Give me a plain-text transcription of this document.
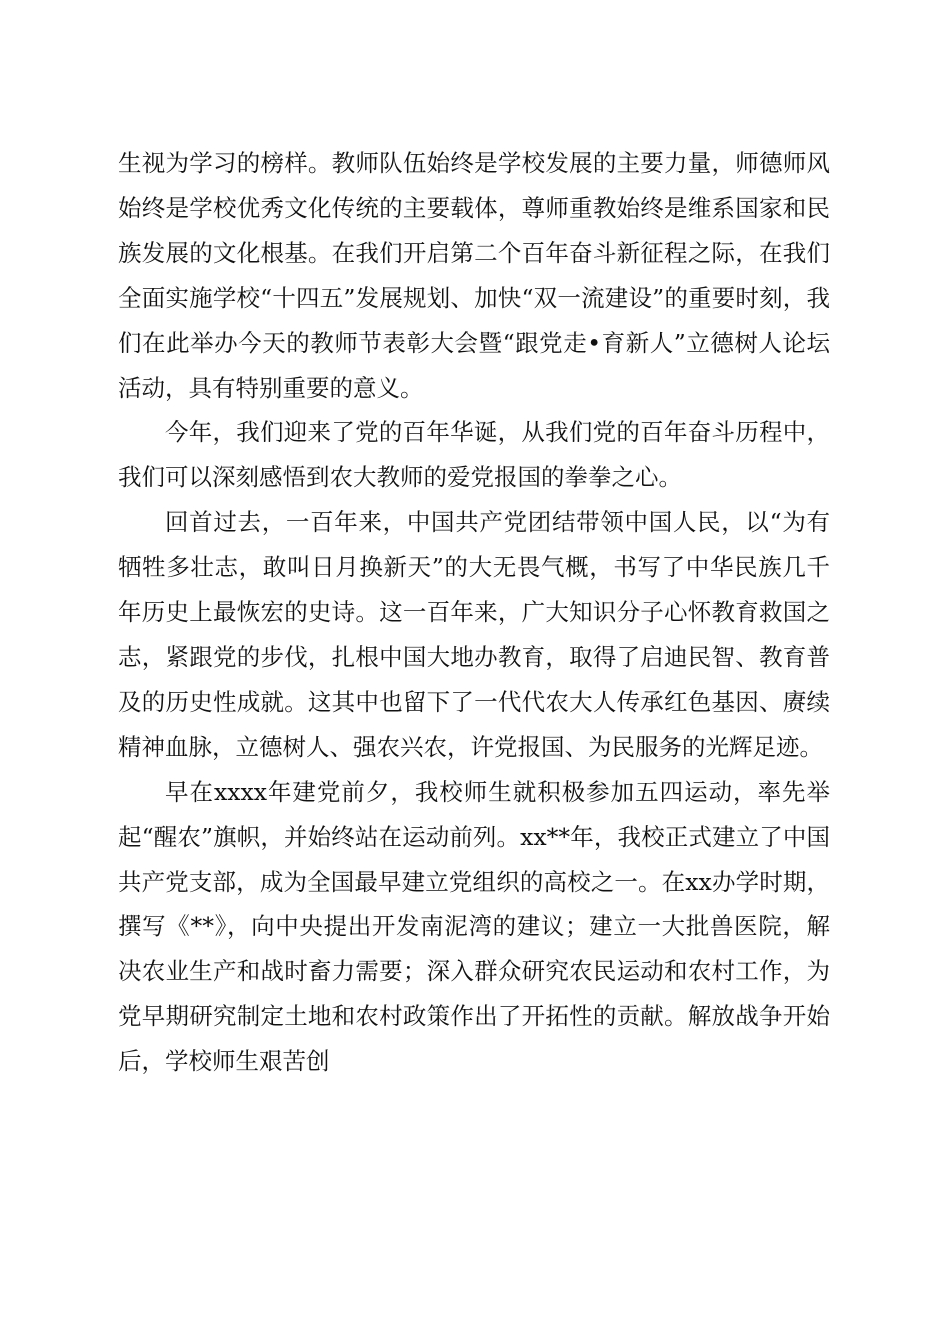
生视为学习的榜样。教师队伍始终是学校发展的主要力量，师德师风始终是学校优秀文化传统的主要载体，尊师重教始终是维系国家和民族发展的文化根基。在我们开启第二个百年奋斗新征程之际，在我们全面实施学校“十四五”发展规划、加快“双一流建设”的重要时刻，我们在此举办今天的教师节表彰大会暨“跟党走•育新人”立德树人论坛活动，具有特别重要的意义。

今年，我们迎来了党的百年华诞，从我们党的百年奋斗历程中，我们可以深刻感悟到农大教师的爱党报国的拳拳之心。

回首过去，一百年来，中国共产党团结带领中国人民，以“为有牺牲多壮志，敢叫日月换新天”的大无畏气概，书写了中华民族几千年历史上最恢宏的史诗。这一百年来，广大知识分子心怀教育救国之志，紧跟党的步伐，扎根中国大地办教育，取得了启迪民智、教育普及的历史性成就。这其中也留下了一代代农大人传承红色基因、赓续精神血脉，立德树人、强农兴农，许党报国、为民服务的光辉足迹。

早在xxxx年建党前夕，我校师生就积极参加五四运动，率先举起“醒农”旗帜，并始终站在运动前列。xx**年，我校正式建立了中国共产党支部，成为全国最早建立党组织的高校之一。在xx办学时期，撰写《**》，向中央提出开发南泥湾的建议；建立一大批兽医院，解决农业生产和战时畜力需要；深入群众研究农民运动和农村工作，为党早期研究制定土地和农村政策作出了开拓性的贡献。解放战争开始后，学校师生艰苦创
